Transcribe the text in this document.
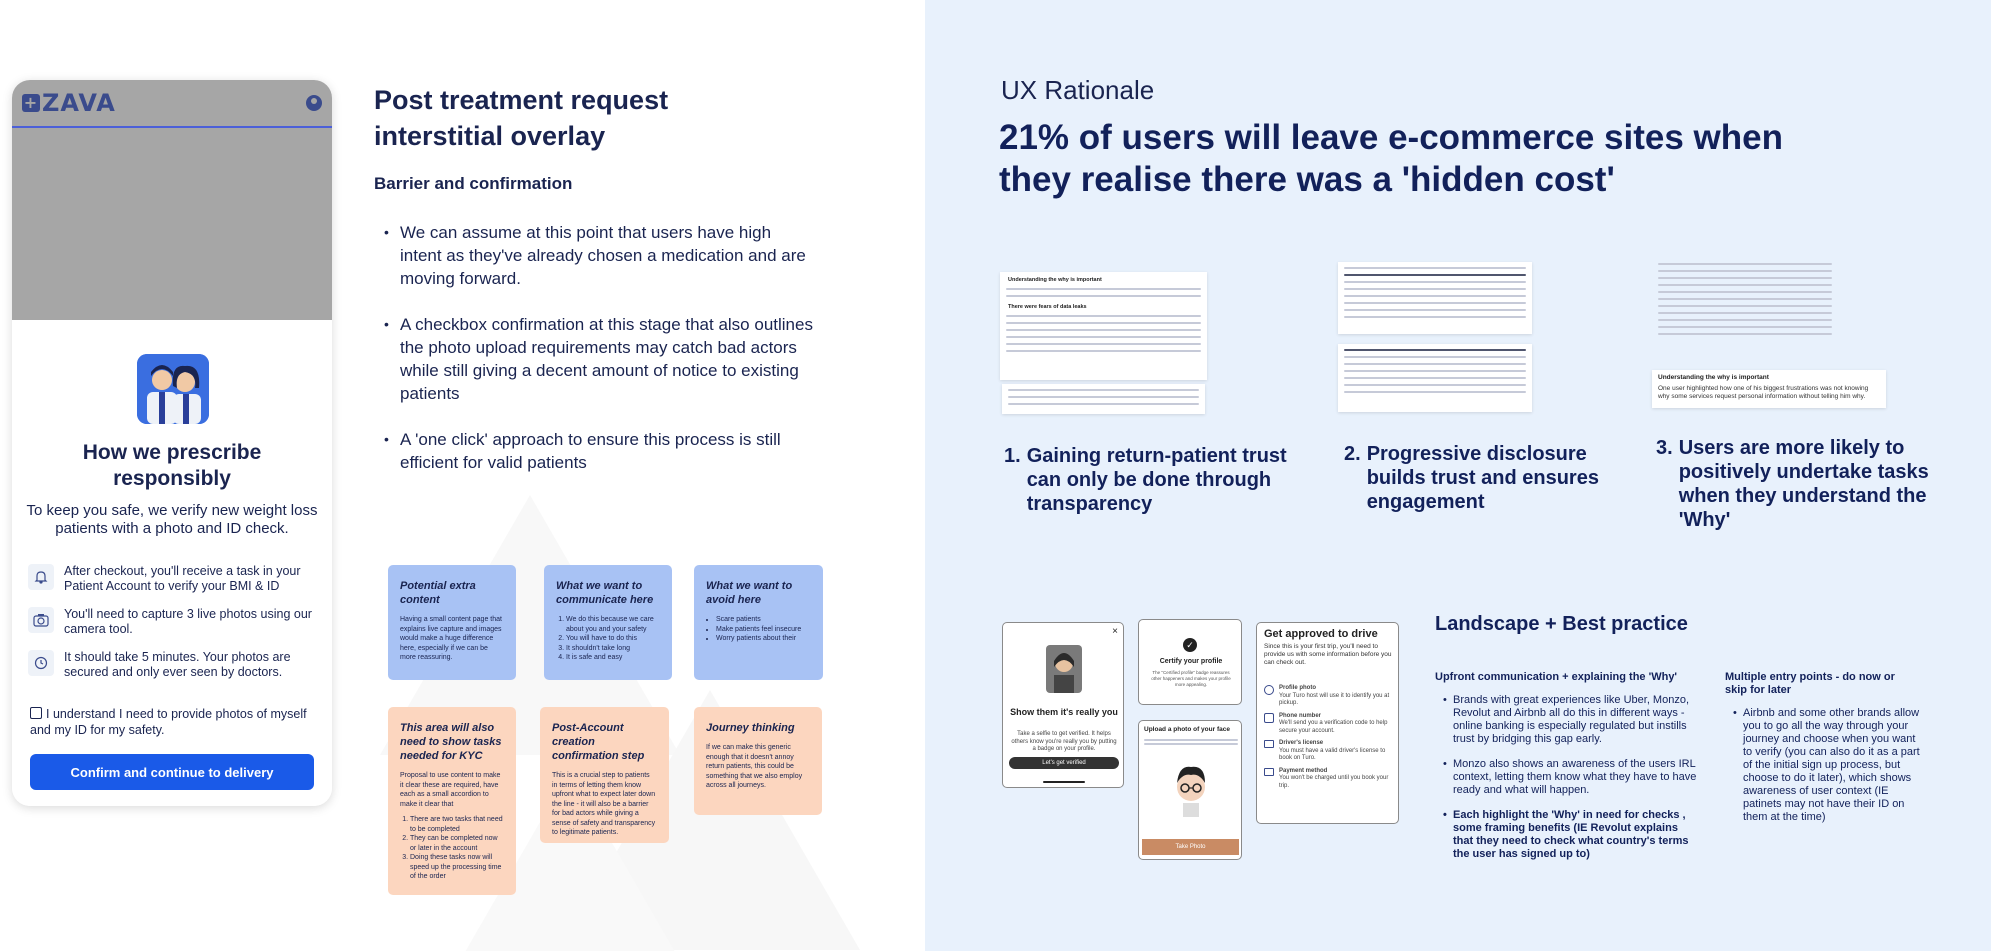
+ ZAVA
How we prescribe responsibly
To keep you safe, we verify new weight loss patients with a photo and ID check.
After checkout, you'll receive a task in your Patient Account to verify your BMI & ID
You'll need to capture 3 live photos using our camera tool.
It should take 5 minutes. Your photos are secured and only ever seen by doctors.
I understand I need to provide photos of myself and my ID for my safety.
Confirm and continue to delivery
Post treatment request interstitial overlay
Barrier and confirmation
• We can assume at this point that users have high intent as they've already chosen a medication and are moving forward.
• A checkbox confirmation at this stage that also outlines the photo upload requirements may catch bad actors while still giving a decent amount of notice to existing patients
• A 'one click' approach to ensure this process is still efficient for valid patients
Potential extra content
Having a small content page that explains live capture and images would make a huge difference here, especially if we can be more reassuring.
What we want to communicate here
1. We do this because we care about you and your safety
2. You will have to do this
3. It shouldn't take long
4. It is safe and easy
What we want to avoid here
• Scare patients
• Make patients feel insecure
• Worry patients about their
This area will also need to show tasks needed for KYC
Proposal to use content to make it clear these are required, have each as a small accordion to make it clear that
1. There are two tasks that need to be completed
2. They can be completed now or later in the account
3. Doing these tasks now will speed up the processing time of the order
Post-Account creation confirmation step
This is a crucial step to patients in terms of letting them know upfront what to expect later down the line - it will also be a barrier for bad actors while giving a sense of safety and transparency to legitimate patients.
Journey thinking
If we can make this generic enough that it doesn't annoy return patients, this could be something that we also employ across all journeys.
UX Rationale
21% of users will leave e-commerce sites when they realise there was a 'hidden cost'
Understanding the why is important
There were fears of data leaks
Understanding the why is important
One user highlighted how one of his biggest frustrations was not knowing why some services request personal information without telling him why.
1. Gaining return-patient trust can only be done through transparency
2. Progressive disclosure builds trust and ensures engagement
3. Users are more likely to positively undertake tasks when they understand the 'Why'
×
Show them it's really you
Take a selfie to get verified. It helps others know you're really you by putting a badge on your profile.
Let's get verified
✓
Certify your profile
The "Certified profile" badge reassures other happeners and makes your profile more appealing.
Upload a photo of your face
Take Photo
Get approved to drive
Since this is your first trip, you'll need to provide us with some information before you can check out.
Profile photo
Your Turo host will use it to identify you at pickup.
Phone number
We'll send you a verification code to help secure your account.
Driver's license
You must have a valid driver's license to book on Turo.
Payment method
You won't be charged until you book your trip.
Landscape + Best practice
Upfront communication + explaining the 'Why'
• Brands with great experiences like Uber, Monzo, Revolut and Airbnb all do this in different ways - online banking is especially regulated but instills trust by bridging this gap early.
• Monzo also shows an awareness of the users IRL context, letting them know what they have to have ready and what will happen.
• Each highlight the 'Why' in need for checks , some framing benefits (IE Revolut explains that they need to check what country's terms the user has signed up to)
Multiple entry points - do now or skip for later
• Airbnb and some other brands allow you to go all the way through your journey and choose when you want to verify (you can also do it as a part of the initial sign up process, but choose to do it later), which shows awareness of user context (IE patinets may not have their ID on them at the time)
